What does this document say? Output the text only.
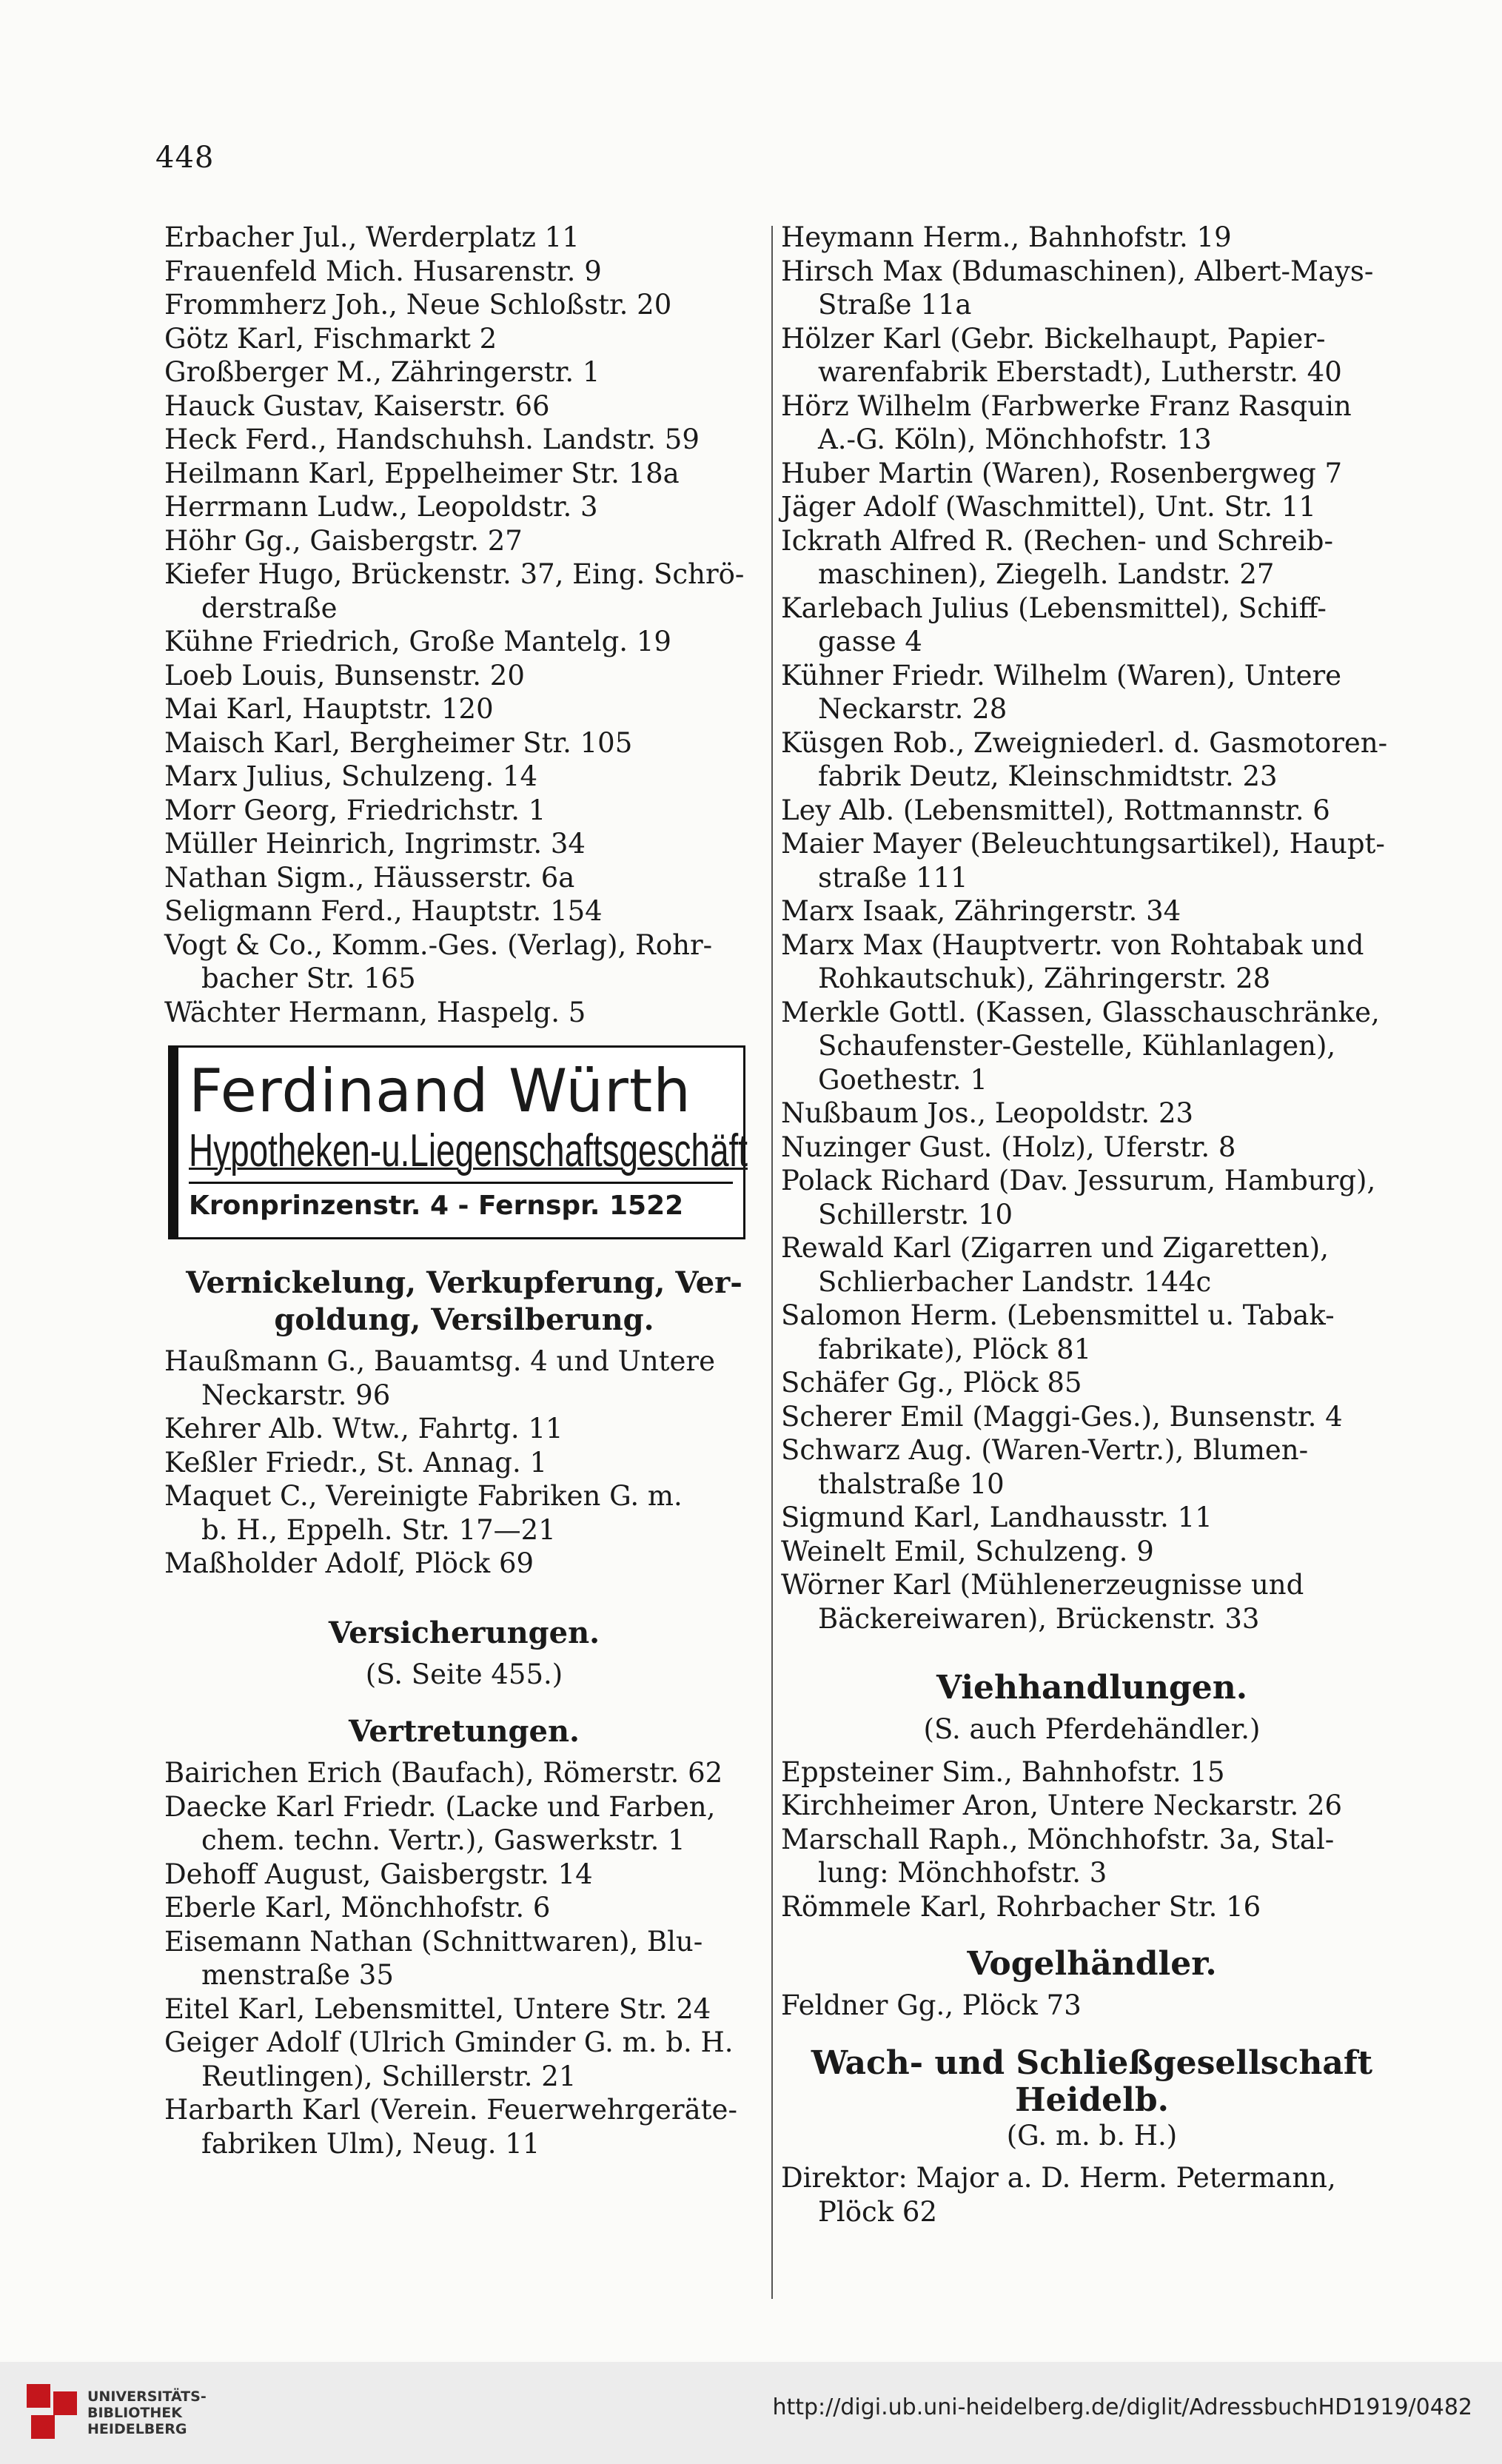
448
Erbacher Jul., Werderplatz 11
Frauenfeld Mich. Husarenstr. 9
Frommherz Joh., Neue Schloßstr. 20
Götz Karl, Fischmarkt 2
Großberger M., Zähringerstr. 1
Hauck Gustav, Kaiserstr. 66
Heck Ferd., Handschuhsh. Landstr. 59
Heilmann Karl, Eppelheimer Str. 18a
Herrmann Ludw., Leopoldstr. 3
Höhr Gg., Gaisbergstr. 27
Kiefer Hugo, Brückenstr. 37, Eing. Schrö-
derstraße
Kühne Friedrich, Große Mantelg. 19
Loeb Louis, Bunsenstr. 20
Mai Karl, Hauptstr. 120
Maisch Karl, Bergheimer Str. 105
Marx Julius, Schulzeng. 14
Morr Georg, Friedrichstr. 1
Müller Heinrich, Ingrimstr. 34
Nathan Sigm., Häusserstr. 6a
Seligmann Ferd., Hauptstr. 154
Vogt & Co., Komm.-Ges. (Verlag), Rohr-
bacher Str. 165
Wächter Hermann, Haspelg. 5
Ferdinand Würth
Hypotheken-u.Liegenschaftsgeschäft
Kronprinzenstr. 4 - Fernspr. 1522
Vernickelung, Verkupferung, Ver-
goldung, Versilberung.
Haußmann G., Bauamtsg. 4 und Untere
Neckarstr. 96
Kehrer Alb. Wtw., Fahrtg. 11
Keßler Friedr., St. Annag. 1
Maquet C., Vereinigte Fabriken G. m.
b. H., Eppelh. Str. 17—21
Maßholder Adolf, Plöck 69
Versicherungen.
(S. Seite 455.)
Vertretungen.
Bairichen Erich (Baufach), Römerstr. 62
Daecke Karl Friedr. (Lacke und Farben,
chem. techn. Vertr.), Gaswerkstr. 1
Dehoff August, Gaisbergstr. 14
Eberle Karl, Mönchhofstr. 6
Eisemann Nathan (Schnittwaren), Blu-
menstraße 35
Eitel Karl, Lebensmittel, Untere Str. 24
Geiger Adolf (Ulrich Gminder G. m. b. H.
Reutlingen), Schillerstr. 21
Harbarth Karl (Verein. Feuerwehrgeräte-
fabriken Ulm), Neug. 11
Heymann Herm., Bahnhofstr. 19
Hirsch Max (Bdumaschinen), Albert-Mays-
Straße 11a
Hölzer Karl (Gebr. Bickelhaupt, Papier-
warenfabrik Eberstadt), Lutherstr. 40
Hörz Wilhelm (Farbwerke Franz Rasquin
A.-G. Köln), Mönchhofstr. 13
Huber Martin (Waren), Rosenbergweg 7
Jäger Adolf (Waschmittel), Unt. Str. 11
Ickrath Alfred R. (Rechen- und Schreib-
maschinen), Ziegelh. Landstr. 27
Karlebach Julius (Lebensmittel), Schiff-
gasse 4
Kühner Friedr. Wilhelm (Waren), Untere
Neckarstr. 28
Küsgen Rob., Zweigniederl. d. Gasmotoren-
fabrik Deutz, Kleinschmidtstr. 23
Ley Alb. (Lebensmittel), Rottmannstr. 6
Maier Mayer (Beleuchtungsartikel), Haupt-
straße 111
Marx Isaak, Zähringerstr. 34
Marx Max (Hauptvertr. von Rohtabak und
Rohkautschuk), Zähringerstr. 28
Merkle Gottl. (Kassen, Glasschauschränke,
Schaufenster-Gestelle, Kühlanlagen),
Goethestr. 1
Nußbaum Jos., Leopoldstr. 23
Nuzinger Gust. (Holz), Uferstr. 8
Polack Richard (Dav. Jessurum, Hamburg),
Schillerstr. 10
Rewald Karl (Zigarren und Zigaretten),
Schlierbacher Landstr. 144c
Salomon Herm. (Lebensmittel u. Tabak-
fabrikate), Plöck 81
Schäfer Gg., Plöck 85
Scherer Emil (Maggi-Ges.), Bunsenstr. 4
Schwarz Aug. (Waren-Vertr.), Blumen-
thalstraße 10
Sigmund Karl, Landhausstr. 11
Weinelt Emil, Schulzeng. 9
Wörner Karl (Mühlenerzeugnisse und
Bäckereiwaren), Brückenstr. 33
Viehhandlungen.
(S. auch Pferdehändler.)
Eppsteiner Sim., Bahnhofstr. 15
Kirchheimer Aron, Untere Neckarstr. 26
Marschall Raph., Mönchhofstr. 3a, Stal-
lung: Mönchhofstr. 3
Römmele Karl, Rohrbacher Str. 16
Vogelhändler.
Feldner Gg., Plöck 73
Wach- und Schließgesellschaft Heidelb.
(G. m. b. H.)
Direktor: Major a. D. Herm. Petermann,
Plöck 62
UNIVERSITÄTS-
BIBLIOTHEK
HEIDELBERG
http://digi.ub.uni-heidelberg.de/diglit/AdressbuchHD1919/0482
